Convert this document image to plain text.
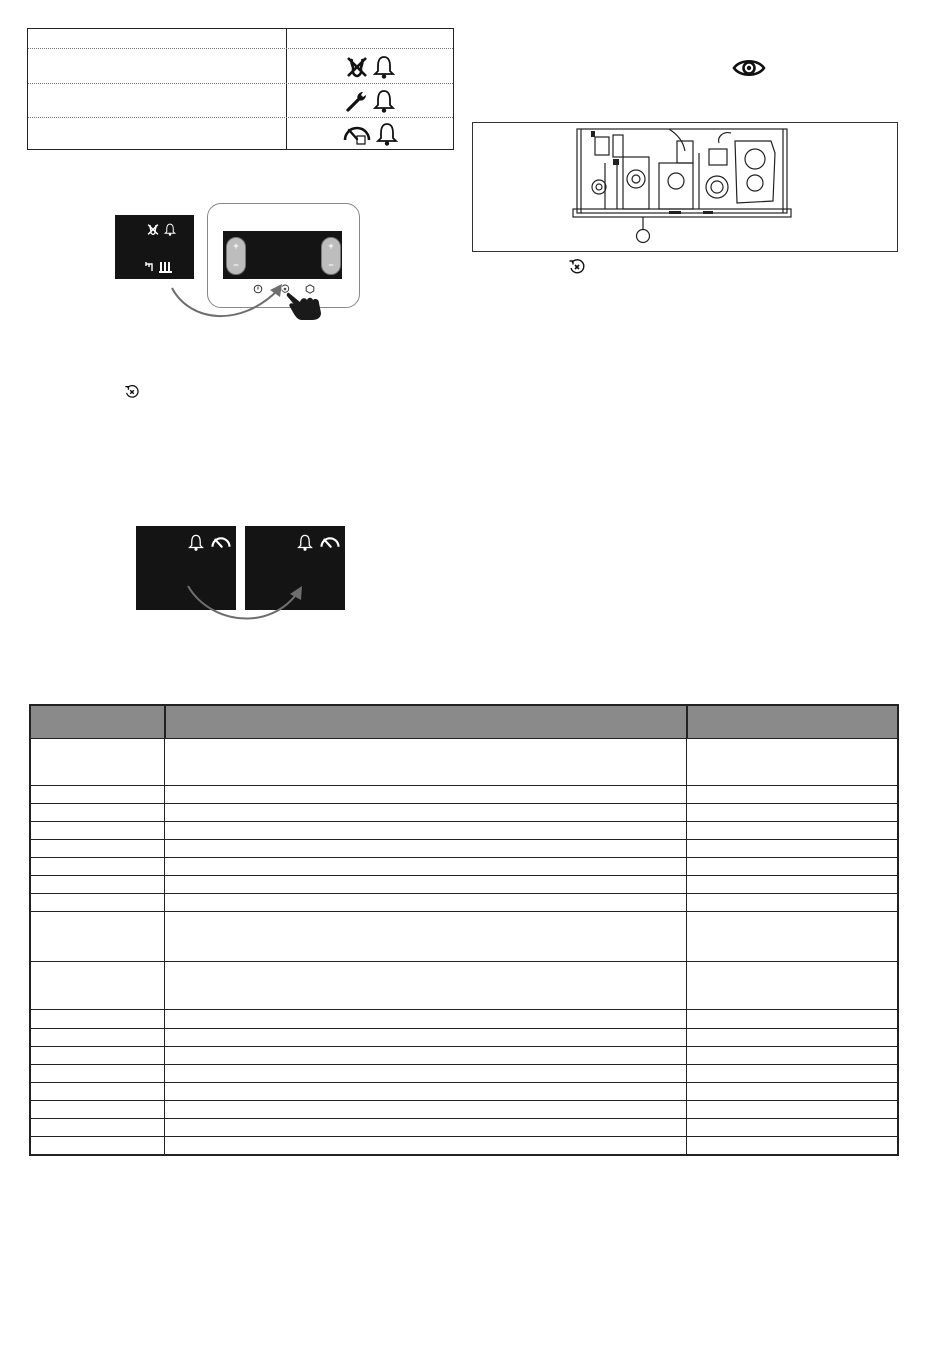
+
−
+
−
